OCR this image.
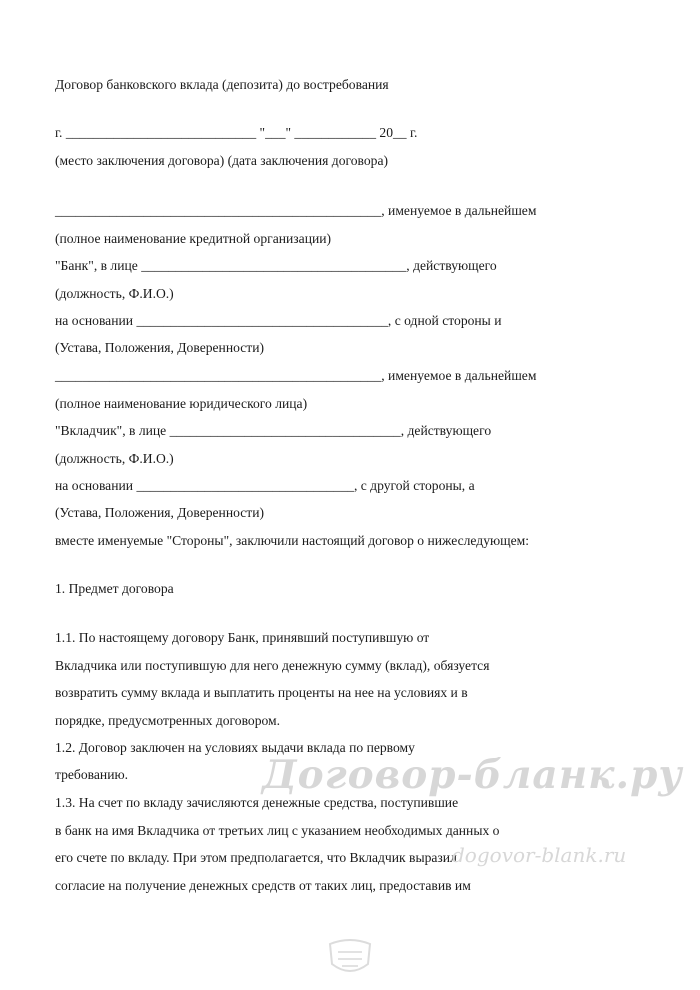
Договор банковского вклада (депозита) до востребования
г. ____________________________ "___" ____________ 20__ г.
(место заключения договора) (дата заключения договора)
________________________________________________, именуемое в дальнейшем
(полное наименование кредитной организации)
"Банк", в лице _______________________________________, действующего
(должность, Ф.И.О.)
на основании _____________________________________, с одной стороны и
(Устава, Положения, Доверенности)
________________________________________________, именуемое в дальнейшем
(полное наименование юридического лица)
"Вкладчик", в лице __________________________________, действующего
(должность, Ф.И.О.)
на основании ________________________________, с другой стороны, а
(Устава, Положения, Доверенности)
вместе именуемые "Стороны", заключили настоящий договор о нижеследующем:
1. Предмет договора
1.1. По настоящему договору Банк, принявший поступившую от
Вкладчика или поступившую для него денежную сумму (вклад), обязуется
возвратить сумму вклада и выплатить проценты на нее на условиях и в
порядке, предусмотренных договором.
1.2. Договор заключен на условиях выдачи вклада по первому
требованию.
1.3. На счет по вкладу зачисляются денежные средства, поступившие
в банк на имя Вкладчика от третьих лиц с указанием необходимых данных о
его счете по вкладу. При этом предполагается, что Вкладчик выразил
согласие на получение денежных средств от таких лиц, предоставив им
Договор-бланк.ру
dogovor-blank.ru
